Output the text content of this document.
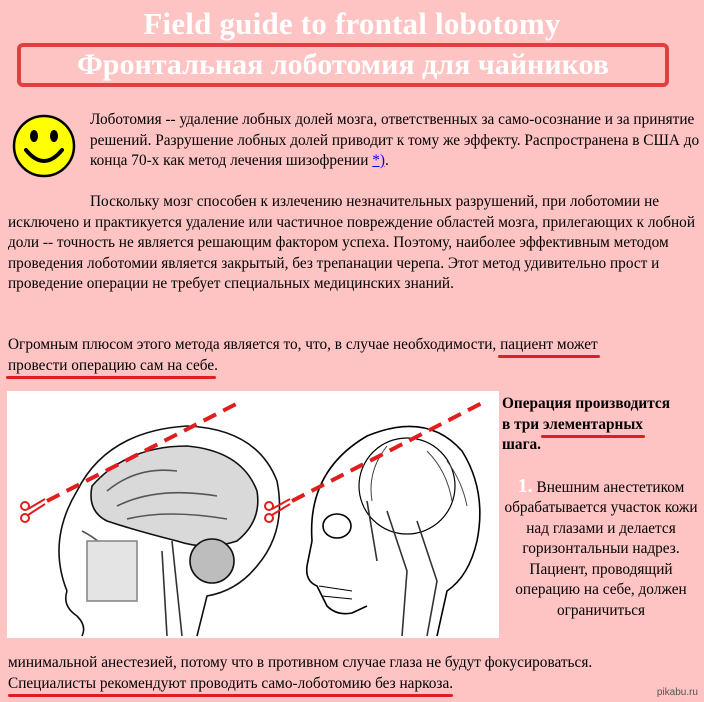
Field guide to frontal lobotomy
Фронтальная лоботомия для чайников

Лоботомия -- удаление лобных долей мозга, ответственных за само-осознание и за принятие решений. Разрушение лобных долей приводит к тому же эффекту. Распространена в США до конца 70-х как метод лечения шизофрении *).

Поскольку мозг способен к излечению незначительных разрушений, при лоботомии не исключено и практикуется удаление или частичное повреждение областей мозга, прилегающих к лобной доли -- точность не является решающим фактором успеха. Поэтому, наиболее эффективным методом проведения лоботомии является закрытый, без трепанации черепа. Этот метод удивительно прост и проведение операции не требует специальных медицинских знаний.

Огромным плюсом этого метода является то, что, в случае необходимости, пациент может
провести операцию сам на себе.

Операция производится
в три элементарных
шага.
1. Внешним анестетиком обрабатывается участок кожи над глазами и делается горизонтальныи надрез. Пациент, проводящий операцию на себе, должен ограничиться
минимальной анестезией, потому что в противном случае глаза не будут фокусироваться.
Специалисты рекомендуют проводить само-лоботомию без наркоза.
pikabu.ru
